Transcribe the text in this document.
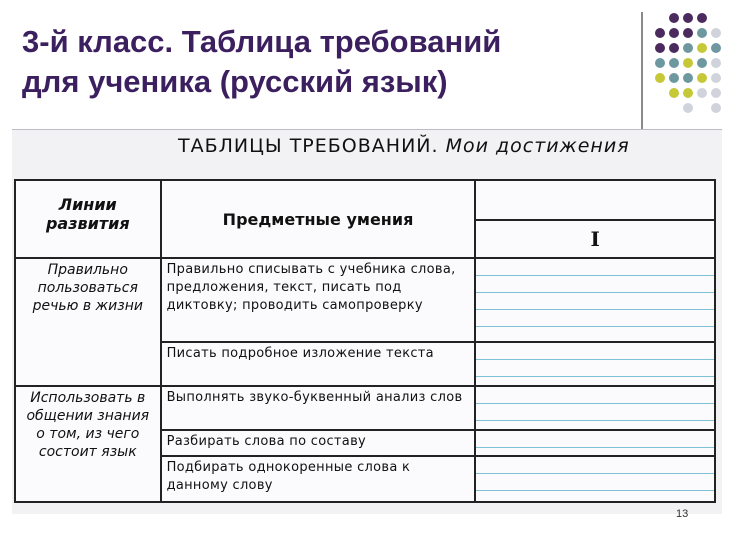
3-й класс. Таблица требований
для ученика (русский язык)
ТАБЛИЦЫ ТРЕБОВАНИЙ. Мои достижения
Линии развития	Предметные умения	
		I
Правильно пользоваться речью в жизни	Правильно списывать с учебника слова, предложения, текст, писать под диктовку; проводить самопроверку	

	Писать подробное изложение текста	

Использовать в общении знания о том, из чего состоит язык	Выполнять звуко-буквенный анализ слов	

	Разбирать слова по составу	

	Подбирать однокоренные слова к данному слову	
13
